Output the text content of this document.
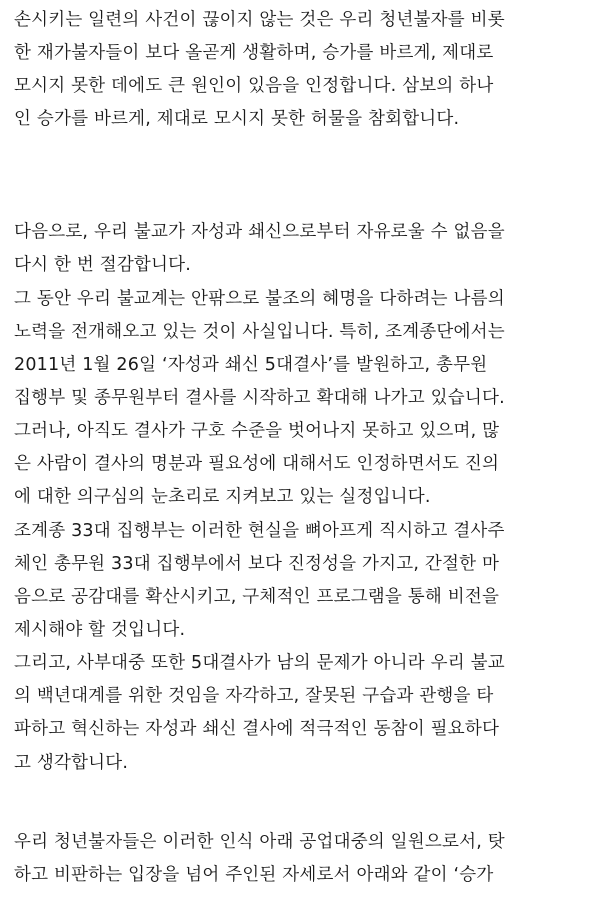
손시키는 일련의 사건이 끊이지 않는 것은 우리 청년불자를 비롯
한 재가불자들이 보다 올곧게 생활하며, 승가를 바르게, 제대로
모시지 못한 데에도 큰 원인이 있음을 인정합니다. 삼보의 하나
인 승가를 바르게, 제대로 모시지 못한 허물을 참회합니다.
다음으로, 우리 불교가 자성과 쇄신으로부터 자유로울 수 없음을
다시 한 번 절감합니다.
그 동안 우리 불교계는 안팎으로 불조의 혜명을 다하려는 나름의
노력을 전개해오고 있는 것이 사실입니다. 특히, 조계종단에서는
2011년 1월 26일 ‘자성과 쇄신 5대결사’를 발원하고, 총무원
집행부 및 종무원부터 결사를 시작하고 확대해 나가고 있습니다.
그러나, 아직도 결사가 구호 수준을 벗어나지 못하고 있으며, 많
은 사람이 결사의 명분과 필요성에 대해서도 인정하면서도 진의
에 대한 의구심의 눈초리로 지켜보고 있는 실정입니다.
조계종 33대 집행부는 이러한 현실을 뼈아프게 직시하고 결사주
체인 총무원 33대 집행부에서 보다 진정성을 가지고, 간절한 마
음으로 공감대를 확산시키고, 구체적인 프로그램을 통해 비전을
제시해야 할 것입니다.
그리고, 사부대중 또한 5대결사가 남의 문제가 아니라 우리 불교
의 백년대계를 위한 것임을 자각하고, 잘못된 구습과 관행을 타
파하고 혁신하는 자성과 쇄신 결사에 적극적인 동참이 필요하다
고 생각합니다.
우리 청년불자들은 이러한 인식 아래 공업대중의 일원으로서, 탓
하고 비판하는 입장을 넘어 주인된 자세로서 아래와 같이 ‘승가
